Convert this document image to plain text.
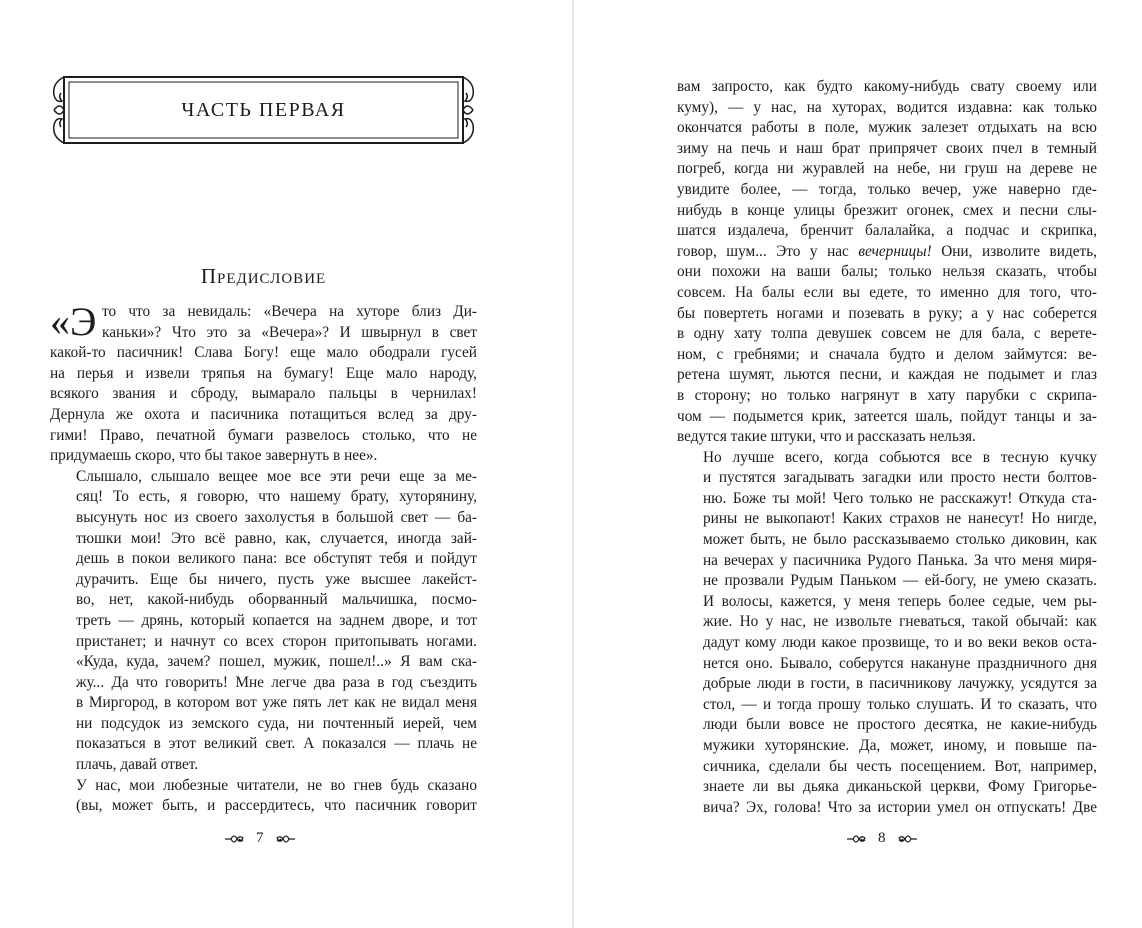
ЧАСТЬ ПЕРВАЯ
Предисловие

«Э то что за невидаль: «Вечера на хуторе близ Ди-
каньки»? Что это за «Вечера»? И швырнул в свет
какой-то пасичник! Слава Богу! еще мало ободрали гусей
на перья и извели тряпья на бумагу! Еще мало народу,
всякого звания и сброду, вымарало пальцы в чернилах!
Дернула же охота и пасичника потащиться вслед за дру-
гими! Право, печатной бумаги развелось столько, что не
придумаешь скоро, что бы такое завернуть в нее».

Слышало, слышало вещее мое все эти речи еще за ме-
сяц! То есть, я говорю, что нашему брату, хуторянину,
высунуть нос из своего захолустья в большой свет — ба-
тюшки мои! Это всё равно, как, случается, иногда зай-
дешь в покои великого пана: все обступят тебя и пойдут
дурачить. Еще бы ничего, пусть уже высшее лакейст-
во, нет, какой-нибудь оборванный мальчишка, посмо-
треть — дрянь, который копается на заднем дворе, и тот
пристанет; и начнут со всех сторон притопывать ногами.
«Куда, куда, зачем? пошел, мужик, пошел!..» Я вам ска-
жу... Да что говорить! Мне легче два раза в год съездить
в Миргород, в котором вот уже пять лет как не видал меня
ни подсудок из земского суда, ни почтенный иерей, чем
показаться в этот великий свет. А показался — плачь не
плачь, давай ответ.

У нас, мои любезные читатели, не во гнев будь сказано
(вы, может быть, и рассердитесь, что пасичник говорит

7

вам запросто, как будто какому-нибудь свату своему или
куму), — у нас, на хуторах, водится издавна: как только
окончатся работы в поле, мужик залезет отдыхать на всю
зиму на печь и наш брат припрячет своих пчел в темный
погреб, когда ни журавлей на небе, ни груш на дереве не
увидите более, — тогда, только вечер, уже наверно где-
нибудь в конце улицы брезжит огонек, смех и песни слы-
шатся издалеча, бренчит балалайка, а подчас и скрипка,
говор, шум... Это у нас вечерницы! Они, изволите видеть,
они похожи на ваши балы; только нельзя сказать, чтобы
совсем. На балы если вы едете, то именно для того, что-
бы повертеть ногами и позевать в руку; а у нас соберется
в одну хату толпа девушек совсем не для бала, с верете-
ном, с гребнями; и сначала будто и делом займутся: ве-
ретена шумят, льются песни, и каждая не подымет и глаз
в сторону; но только нагрянут в хату парубки с скрипа-
чом — подымется крик, затеется шаль, пойдут танцы и за-
ведутся такие штуки, что и рассказать нельзя.

Но лучше всего, когда собьются все в тесную кучку
и пустятся загадывать загадки или просто нести болтов-
ню. Боже ты мой! Чего только не расскажут! Откуда ста-
рины не выкопают! Каких страхов не нанесут! Но нигде,
может быть, не было рассказываемо столько диковин, как
на вечерах у пасичника Рудого Панька. За что меня миря-
не прозвали Рудым Паньком — ей-богу, не умею сказать.
И волосы, кажется, у меня теперь более седые, чем ры-
жие. Но у нас, не извольте гневаться, такой обычай: как
дадут кому люди какое прозвище, то и во веки веков оста-
нется оно. Бывало, соберутся накануне праздничного дня
добрые люди в гости, в пасичникову лачужку, усядутся за
стол, — и тогда прошу только слушать. И то сказать, что
люди были вовсе не простого десятка, не какие-нибудь
мужики хуторянские. Да, может, иному, и повыше па-
сичника, сделали бы честь посещением. Вот, например,
знаете ли вы дьяка диканьской церкви, Фому Григорье-
вича? Эх, голова! Что за истории умел он отпускать! Две

8
